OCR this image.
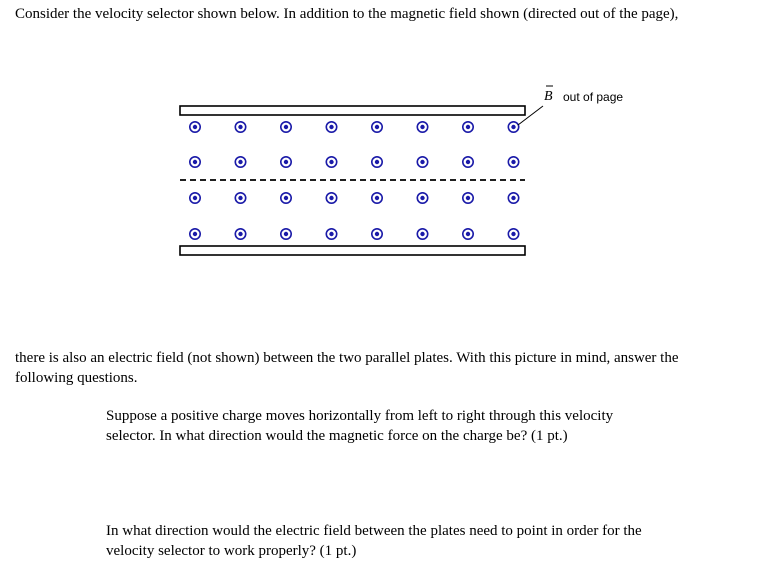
Consider the velocity selector shown below. In addition to the magnetic field shown (directed out of the page),

B out of page

there is also an electric field (not shown) between the two parallel plates. With this picture in mind, answer the

following questions.

Suppose a positive charge moves horizontally from left to right through this velocity

selector. In what direction would the magnetic force on the charge be? (1 pt.)

In what direction would the electric field between the plates need to point in order for the

velocity selector to work properly? (1 pt.)
